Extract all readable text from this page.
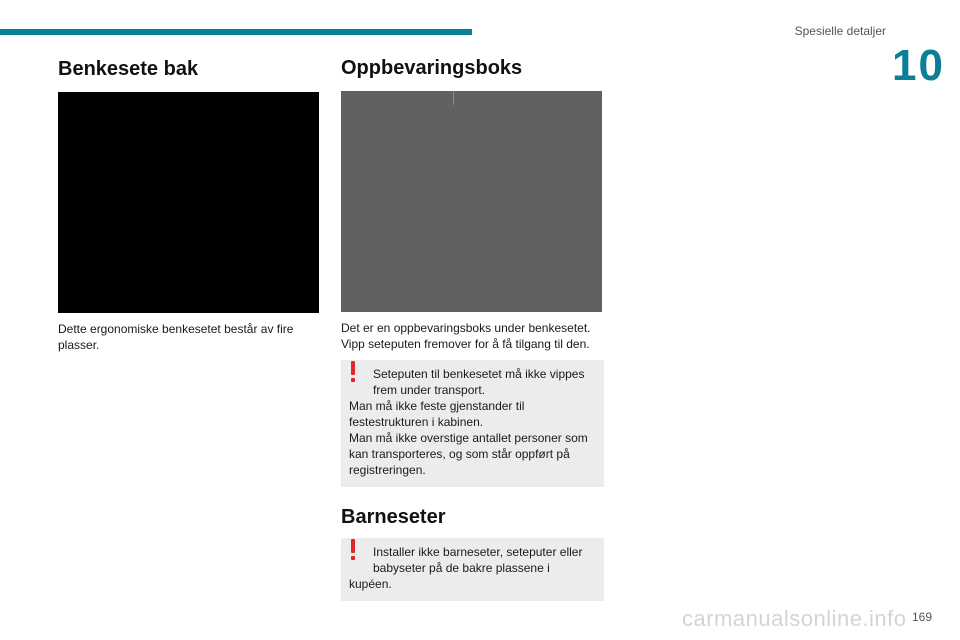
Spesielle detaljer
10
Benkesete bak

Dette ergonomiske benkesetet består av fire plasser.

Oppbevaringsboks

Det er en oppbevaringsboks under benkesetet. Vipp seteputen fremover for å få tilgang til den.

Seteputen til benkesetet må ikke vippes frem under transport.

Man må ikke feste gjenstander til festestrukturen i kabinen.

Man må ikke overstige antallet personer som kan transporteres, og som står oppført på registreringen.

Barneseter

Installer ikke barneseter, seteputer eller babyseter på de bakre plassene i

kupéen.

carmanualsonline.info 169
